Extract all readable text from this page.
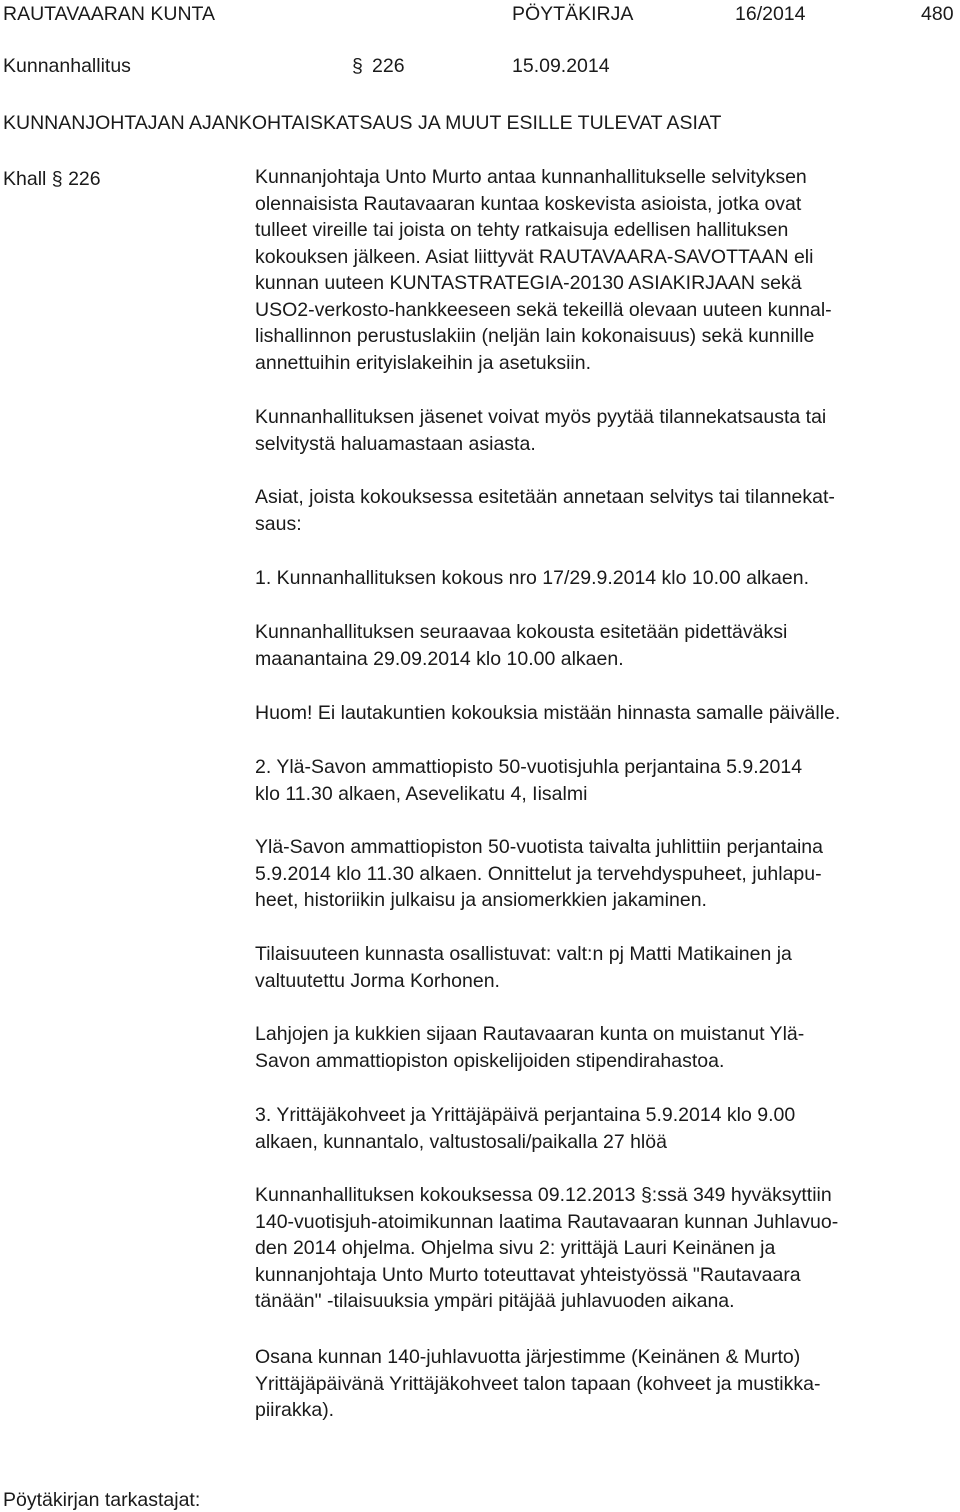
RAUTAVAARAN KUNTA	PÖYTÄKIRJA	16/2014	480
Kunnanhallitus	§ 226	15.09.2014
KUNNANJOHTAJAN AJANKOHTAISKATSAUS JA MUUT ESILLE TULEVAT ASIAT
Khall § 226	Kunnanjohtaja Unto Murto antaa kunnanhallitukselle selvityksen

olennaisista Rautavaaran kuntaa koskevista asioista, jotka ovat

tulleet vireille tai joista on tehty ratkaisuja edellisen hallituksen

kokouksen jälkeen. Asiat liittyvät RAUTAVAARA-SAVOTTAAN eli

kunnan uuteen KUNTASTRATEGIA-20130 ASIAKIRJAAN sekä

USO2-verkosto-hankkeeseen sekä tekeillä olevaan uuteen kunnal-

lishallinnon perustuslakiin (neljän lain kokonaisuus) sekä kunnille

annettuihin erityislakeihin ja asetuksiin.

Kunnanhallituksen jäsenet voivat myös pyytää tilannekatsausta tai

selvitystä haluamastaan asiasta.

Asiat, joista kokouksessa esitetään annetaan selvitys tai tilannekat-

saus:

1. Kunnanhallituksen kokous nro 17/29.9.2014 klo 10.00 alkaen.

Kunnanhallituksen seuraavaa kokousta esitetään pidettäväksi

maanantaina 29.09.2014 klo 10.00 alkaen.

Huom! Ei lautakuntien kokouksia mistään hinnasta samalle päivälle.

2. Ylä-Savon ammattiopisto 50-vuotisjuhla perjantaina 5.9.2014

klo 11.30 alkaen, Asevelikatu 4, Iisalmi

Ylä-Savon ammattiopiston 50-vuotista taivalta juhlittiin perjantaina

5.9.2014 klo 11.30 alkaen. Onnittelut ja tervehdyspuheet, juhlapu-

heet, historiikin julkaisu ja ansiomerkkien jakaminen.

Tilaisuuteen kunnasta osallistuvat: valt:n pj Matti Matikainen ja

valtuutettu Jorma Korhonen.

Lahjojen ja kukkien sijaan Rautavaaran kunta on muistanut Ylä-

Savon ammattiopiston opiskelijoiden stipendirahastoa.

3. Yrittäjäkohveet ja Yrittäjäpäivä perjantaina 5.9.2014 klo 9.00

alkaen, kunnantalo, valtustosali/paikalla 27 hlöä

Kunnanhallituksen kokouksessa 09.12.2013 §:ssä 349 hyväksyttiin

140-vuotisjuh-atoimikunnan laatima Rautavaaran kunnan Juhlavuo-

den 2014 ohjelma. Ohjelma sivu 2: yrittäjä Lauri Keinänen ja

kunnanjohtaja Unto Murto toteuttavat yhteistyössä "Rautavaara

tänään" -tilaisuuksia ympäri pitäjää juhlavuoden aikana.

Osana kunnan 140-juhlavuotta järjestimme (Keinänen & Murto)

Yrittäjäpäivänä Yrittäjäkohveet talon tapaan (kohveet ja mustikka-

piirakka).

Pöytäkirjan tarkastajat:
